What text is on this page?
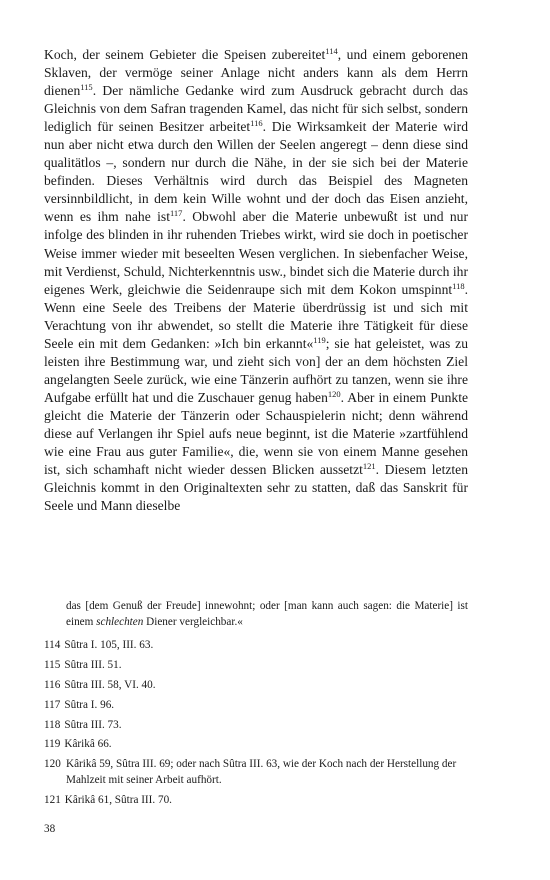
Koch, der seinem Gebieter die Speisen zubereitet$^{114}$, und einem geborenen Sklaven, der vermöge seiner Anlage nicht anders kann als dem Herrn dienen$^{115}$. Der nämliche Gedanke wird zum Ausdruck gebracht durch das Gleichnis von dem Safran tragenden Kamel, das nicht für sich selbst, sondern lediglich für seinen Besitzer arbeitet$^{116}$. Die Wirksamkeit der Materie wird nun aber nicht etwa durch den Willen der Seelen angeregt – denn diese sind qualitätlos –, sondern nur durch die Nähe, in der sie sich bei der Materie befinden. Dieses Verhältnis wird durch das Beispiel des Magneten versinnbildlicht, in dem kein Wille wohnt und der doch das Eisen anzieht, wenn es ihm nahe ist$^{117}$. Obwohl aber die Materie unbewußt ist und nur infolge des blinden in ihr ruhenden Triebes wirkt, wird sie doch in poetischer Weise immer wieder mit beseelten Wesen verglichen. In siebenfacher Weise, mit Verdienst, Schuld, Nichterkenntnis usw., bindet sich die Materie durch ihr eigenes Werk, gleichwie die Seidenraupe sich mit dem Kokon umspinnt$^{118}$. Wenn eine Seele des Treibens der Materie überdrüssig ist und sich mit Verachtung von ihr abwendet, so stellt die Materie ihre Tätigkeit für diese Seele ein mit dem Gedanken: »Ich bin erkannt«$^{119}$; sie hat geleistet, was zu leisten ihre Bestimmung war, und zieht sich von] der an dem höchsten Ziel angelangten Seele zurück, wie eine Tänzerin aufhört zu tanzen, wenn sie ihre Aufgabe erfüllt hat und die Zuschauer genug haben$^{120}$. Aber in einem Punkte gleicht die Materie der Tänzerin oder Schauspielerin nicht; denn während diese auf Verlangen ihr Spiel aufs neue beginnt, ist die Materie »zartfühlend wie eine Frau aus guter Familie«, die, wenn sie von einem Manne gesehen ist, sich schamhaft nicht wieder dessen Blicken aussetzt$^{121}$. Diesem letzten Gleichnis kommt in den Originaltexten sehr zu statten, daß das Sanskrit für Seele und Mann dieselbe

das [dem Genuß der Freude] innewohnt; oder [man kann auch sagen: die Materie] ist einem schlechten Diener vergleichbar.«

114 Sûtra I. 105, III. 63.
115 Sûtra III. 51.
116 Sûtra III. 58, VI. 40.
117 Sûtra I. 96.
118 Sûtra III. 73.
119 Kârikâ 66.
120 Kârikâ 59, Sûtra III. 69; oder nach Sûtra III. 63, wie der Koch nach der Herstellung der Mahlzeit mit seiner Arbeit aufhört.
121 Kârikâ 61, Sûtra III. 70.
38
